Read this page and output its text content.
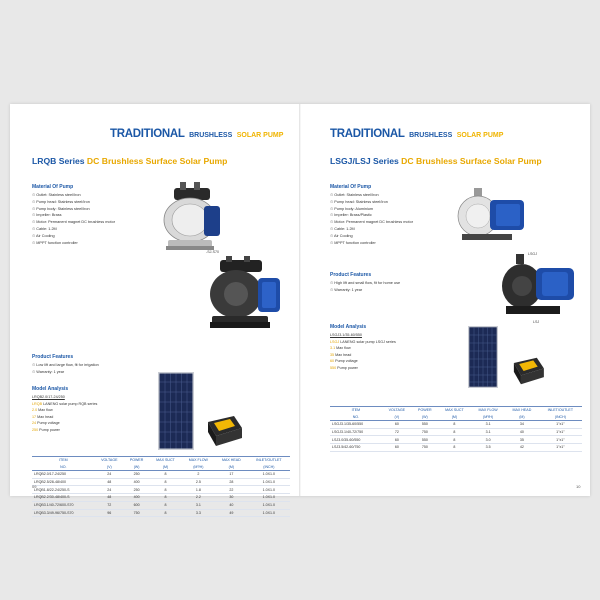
TRADITIONAL BRUSHLESS SOLAR PUMP
LRQB Series DC Brushless Surface Solar Pump
Material Of Pump
⊙ Outlet: Stainless steel/Iron
⊙ Pump head: Stainless steel/Iron
⊙ Pump body: Stainless steel/Iron
⊙ Impeller: Brass
⊙ Motor: Permanent magnet DC brushless motor
⊙ Cable: 1.2M
⊙ Air Cooling
⊙ MPPT function controller
-SJ-S70
Product Features
⊙ Low lift and large flow, fit for irrigation
⊙ Warranty: 1 year
Model Analysis
LRQB2.0/17-24/250
LRQB LANENG solar pump RQB series
2.0 Max flow
17 Max head
24 Pump voltage
250 Pump power
ITEM	VOLTAGE	POWER	MAX SUCT	MAX FLOW	MAX HEAD	INLET/OUTLET
NO.	(V)	(W)	(M)	(M³/H)	(M)	(INCH)
LRQB2.0/17-24/250	24	250	8	2	17	1.0X1.0
LRQB2.5/28-48/400	48	400	8	2.5	28	1.0X1.0
LRQB1.8/22-24/250-S	24	250	8	1.8	22	1.0X1.0
LRQB2.2/30-48/400-S	48	400	8	2.2	30	1.0X1.0
LRQB3.1/40-72/600-S70	72	600	8	3.1	40	1.0X1.0
LRQB3.3/49-96/750-S70	96	750	8	3.3	49	1.0X1.0
09
TRADITIONAL BRUSHLESS SOLAR PUMP
LSGJ/LSJ Series DC Brushless Surface Solar Pump
Material Of Pump
⊙ Outlet: Stainless steel/Iron
⊙ Pump head: Stainless steel/Iron
⊙ Pump body: Aluminium
⊙ Impeller: Brass/Plastic
⊙ Motor: Permanent magnet DC brushless motor
⊙ Cable: 1.2M
⊙ Air Cooling
⊙ MPPT function controller
LSGJ
LSJ
Product Features
⊙ High lift and small flow, fit for home use
⊙ Warranty: 1 year
Model Analysis
LSGJ3.1/35-60/550
LSGJ LANENG solar pump LSGJ series
3.1 Max flow
35 Max head
60 Pump voltage
550 Pump power
ITEM	VOLTAGE	POWER	MAX SUCT	MAX FLOW	MAX HEAD	INLET/OUTLET
NO.	(V)	(W)	(M)	(M³/H)	(M)	(INCH)
LSGJ3.1/35-60/550	60	550	8	3.1	34	1"x1"
LSGJ3.1/40-72/750	72	750	8	3.1	40	1"x1"
LSJ3.0/35-60/550	60	550	8	3.0	35	1"x1"
LSJ3.5/42-60/750	60	750	8	3.5	42	1"x1"
10
